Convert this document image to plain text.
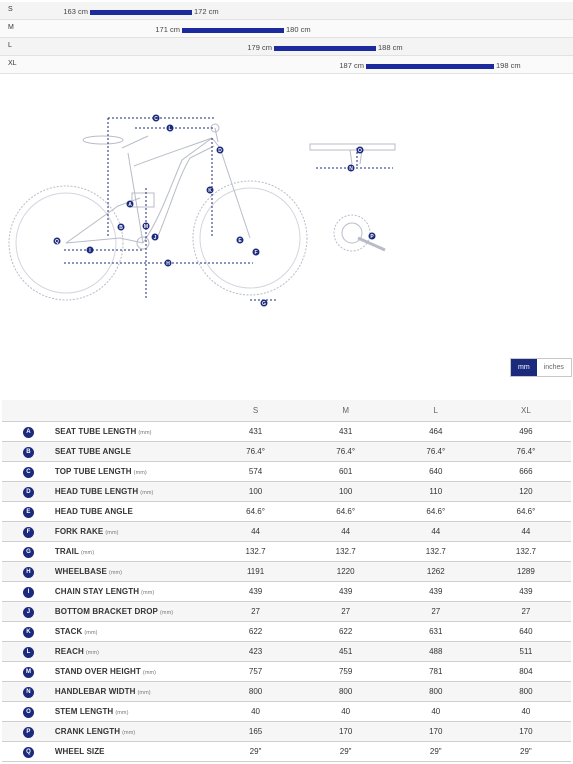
S	163 cm	172 cm
M	171 cm	180 cm
L	179 cm	188 cm
XL	187 cm	198 cm
A
B
C
D
E
F
G
H
I
J
K
L
M
N
O
P
Q
mm	inches
		S	M	L	XL
A	SEAT TUBE LENGTH (mm)	431	431	464	496
B	SEAT TUBE ANGLE	76.4°	76.4°	76.4°	76.4°
C	TOP TUBE LENGTH (mm)	574	601	640	666
D	HEAD TUBE LENGTH (mm)	100	100	110	120
E	HEAD TUBE ANGLE	64.6°	64.6°	64.6°	64.6°
F	FORK RAKE (mm)	44	44	44	44
G	TRAIL (mm)	132.7	132.7	132.7	132.7
H	WHEELBASE (mm)	1191	1220	1262	1289
I	CHAIN STAY LENGTH (mm)	439	439	439	439
J	BOTTOM BRACKET DROP (mm)	27	27	27	27
K	STACK (mm)	622	622	631	640
L	REACH (mm)	423	451	488	511
M	STAND OVER HEIGHT (mm)	757	759	781	804
N	HANDLEBAR WIDTH (mm)	800	800	800	800
O	STEM LENGTH (mm)	40	40	40	40
P	CRANK LENGTH (mm)	165	170	170	170
Q	WHEEL SIZE	29"	29"	29"	29"
